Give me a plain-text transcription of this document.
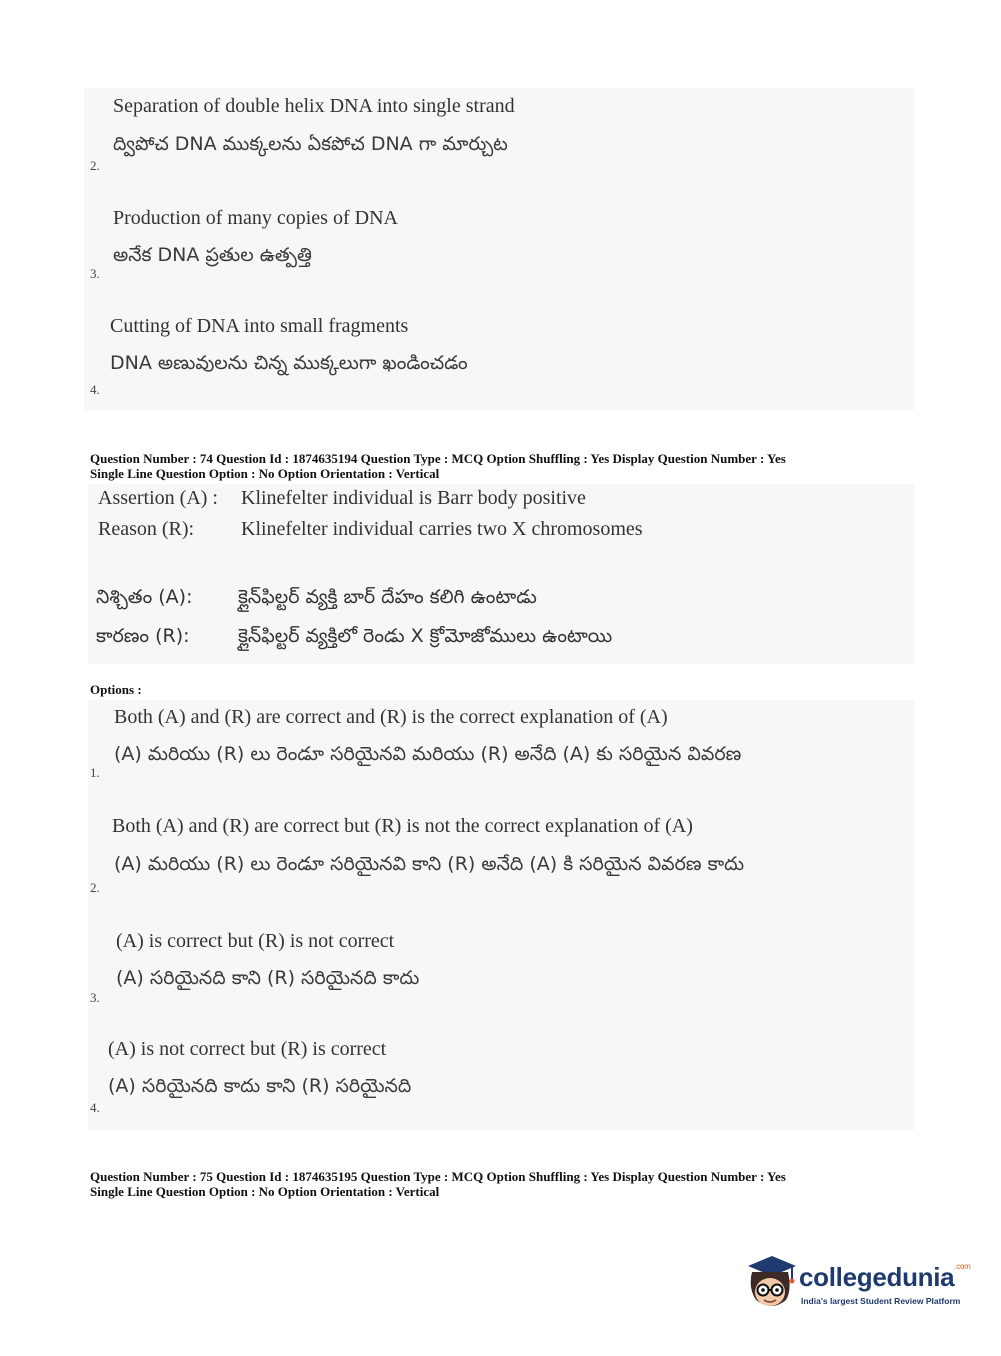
Separation of double helix DNA into single strand
ద్విపోచ DNA ముక్కలను ఏకపోచ DNA గా మార్చుట
2.
Production of many copies of DNA
అనేక DNA ప్రతుల ఉత్పత్తి
3.
Cutting of DNA into small fragments
DNA అణువులను చిన్న ముక్కలుగా ఖండించడం
4.
Question Number : 74 Question Id : 1874635194 Question Type : MCQ Option Shuffling : Yes Display Question Number : Yes
Single Line Question Option : No Option Orientation : Vertical
Assertion (A) : Klinefelter individual is Barr body positive
Reason (R): Klinefelter individual carries two X chromosomes
నిశ్చితం (A): క్లైన్‌ఫిల్టర్ వ్యక్తి బార్ దేహం కలిగి ఉంటాడు
కారణం (R):	క్లైన్‌ఫిల్టర్ వ్యక్తిలో రెండు X క్రోమోజోములు ఉంటాయి
Options :
Both (A) and (R) are correct and (R) is the correct explanation of (A)
(A) మరియు (R) లు రెండూ సరియైనవి మరియు (R) అనేది (A) కు సరియైన వివరణ
1.
Both (A) and (R) are correct but (R) is not the correct explanation of (A)
(A) మరియు (R) లు రెండూ సరియైనవి కాని (R) అనేది (A) కి సరియైన వివరణ కాదు
2.
(A) is correct but (R) is not correct
(A) సరియైనది కాని (R) సరియైనది కాదు
3.
(A) is not correct but (R) is correct
(A) సరియైనది కాదు కాని (R) సరియైనది
4.
Question Number : 75 Question Id : 1874635195 Question Type : MCQ Option Shuffling : Yes Display Question Number : Yes
Single Line Question Option : No Option Orientation : Vertical
collegedunia$^{.com}$
India's largest Student Review Platform
